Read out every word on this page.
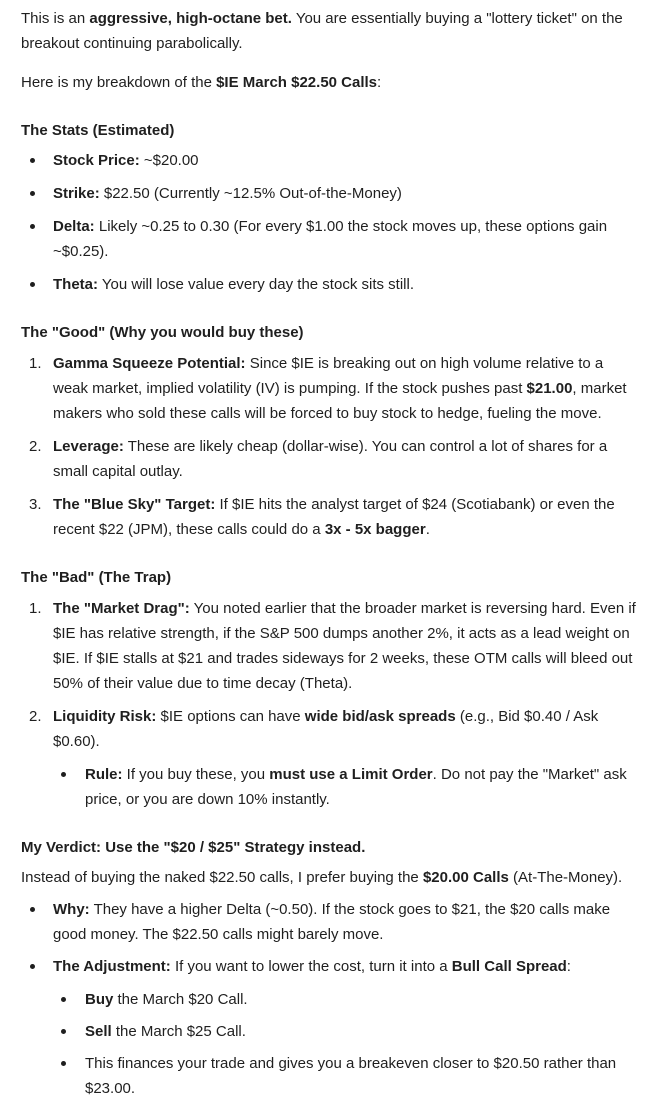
This is an aggressive, high-octane bet. You are essentially buying a "lottery ticket" on the breakout continuing parabolically.

Here is my breakdown of the $IE March $22.50 Calls:

The Stats (Estimated)
Stock Price: ~$20.00
Strike: $22.50 (Currently ~12.5% Out-of-the-Money)
Delta: Likely ~0.25 to 0.30 (For every $1.00 the stock moves up, these options gain ~$0.25).
Theta: You will lose value every day the stock sits still.
The "Good" (Why you would buy these)
1. Gamma Squeeze Potential: Since $IE is breaking out on high volume relative to a weak market, implied volatility (IV) is pumping. If the stock pushes past $21.00, market makers who sold these calls will be forced to buy stock to hedge, fueling the move.
2. Leverage: These are likely cheap (dollar-wise). You can control a lot of shares for a small capital outlay.
3. The "Blue Sky" Target: If $IE hits the analyst target of $24 (Scotiabank) or even the recent $22 (JPM), these calls could do a 3x - 5x bagger.
The "Bad" (The Trap)
1. The "Market Drag": You noted earlier that the broader market is reversing hard. Even if $IE has relative strength, if the S&P 500 dumps another 2%, it acts as a lead weight on $IE. If $IE stalls at $21 and trades sideways for 2 weeks, these OTM calls will bleed out 50% of their value due to time decay (Theta).
2. Liquidity Risk: $IE options can have wide bid/ask spreads (e.g., Bid $0.40 / Ask $0.60).
Rule: If you buy these, you must use a Limit Order. Do not pay the "Market" ask price, or you are down 10% instantly.
My Verdict: Use the "$20 / $25" Strategy instead.

Instead of buying the naked $22.50 calls, I prefer buying the $20.00 Calls (At-The-Money).

Why: They have a higher Delta (~0.50). If the stock goes to $21, the $20 calls make good money. The $22.50 calls might barely move.
The Adjustment: If you want to lower the cost, turn it into a Bull Call Spread:
Buy the March $20 Call.
Sell the March $25 Call.
This finances your trade and gives you a breakeven closer to $20.50 rather than $23.00.
